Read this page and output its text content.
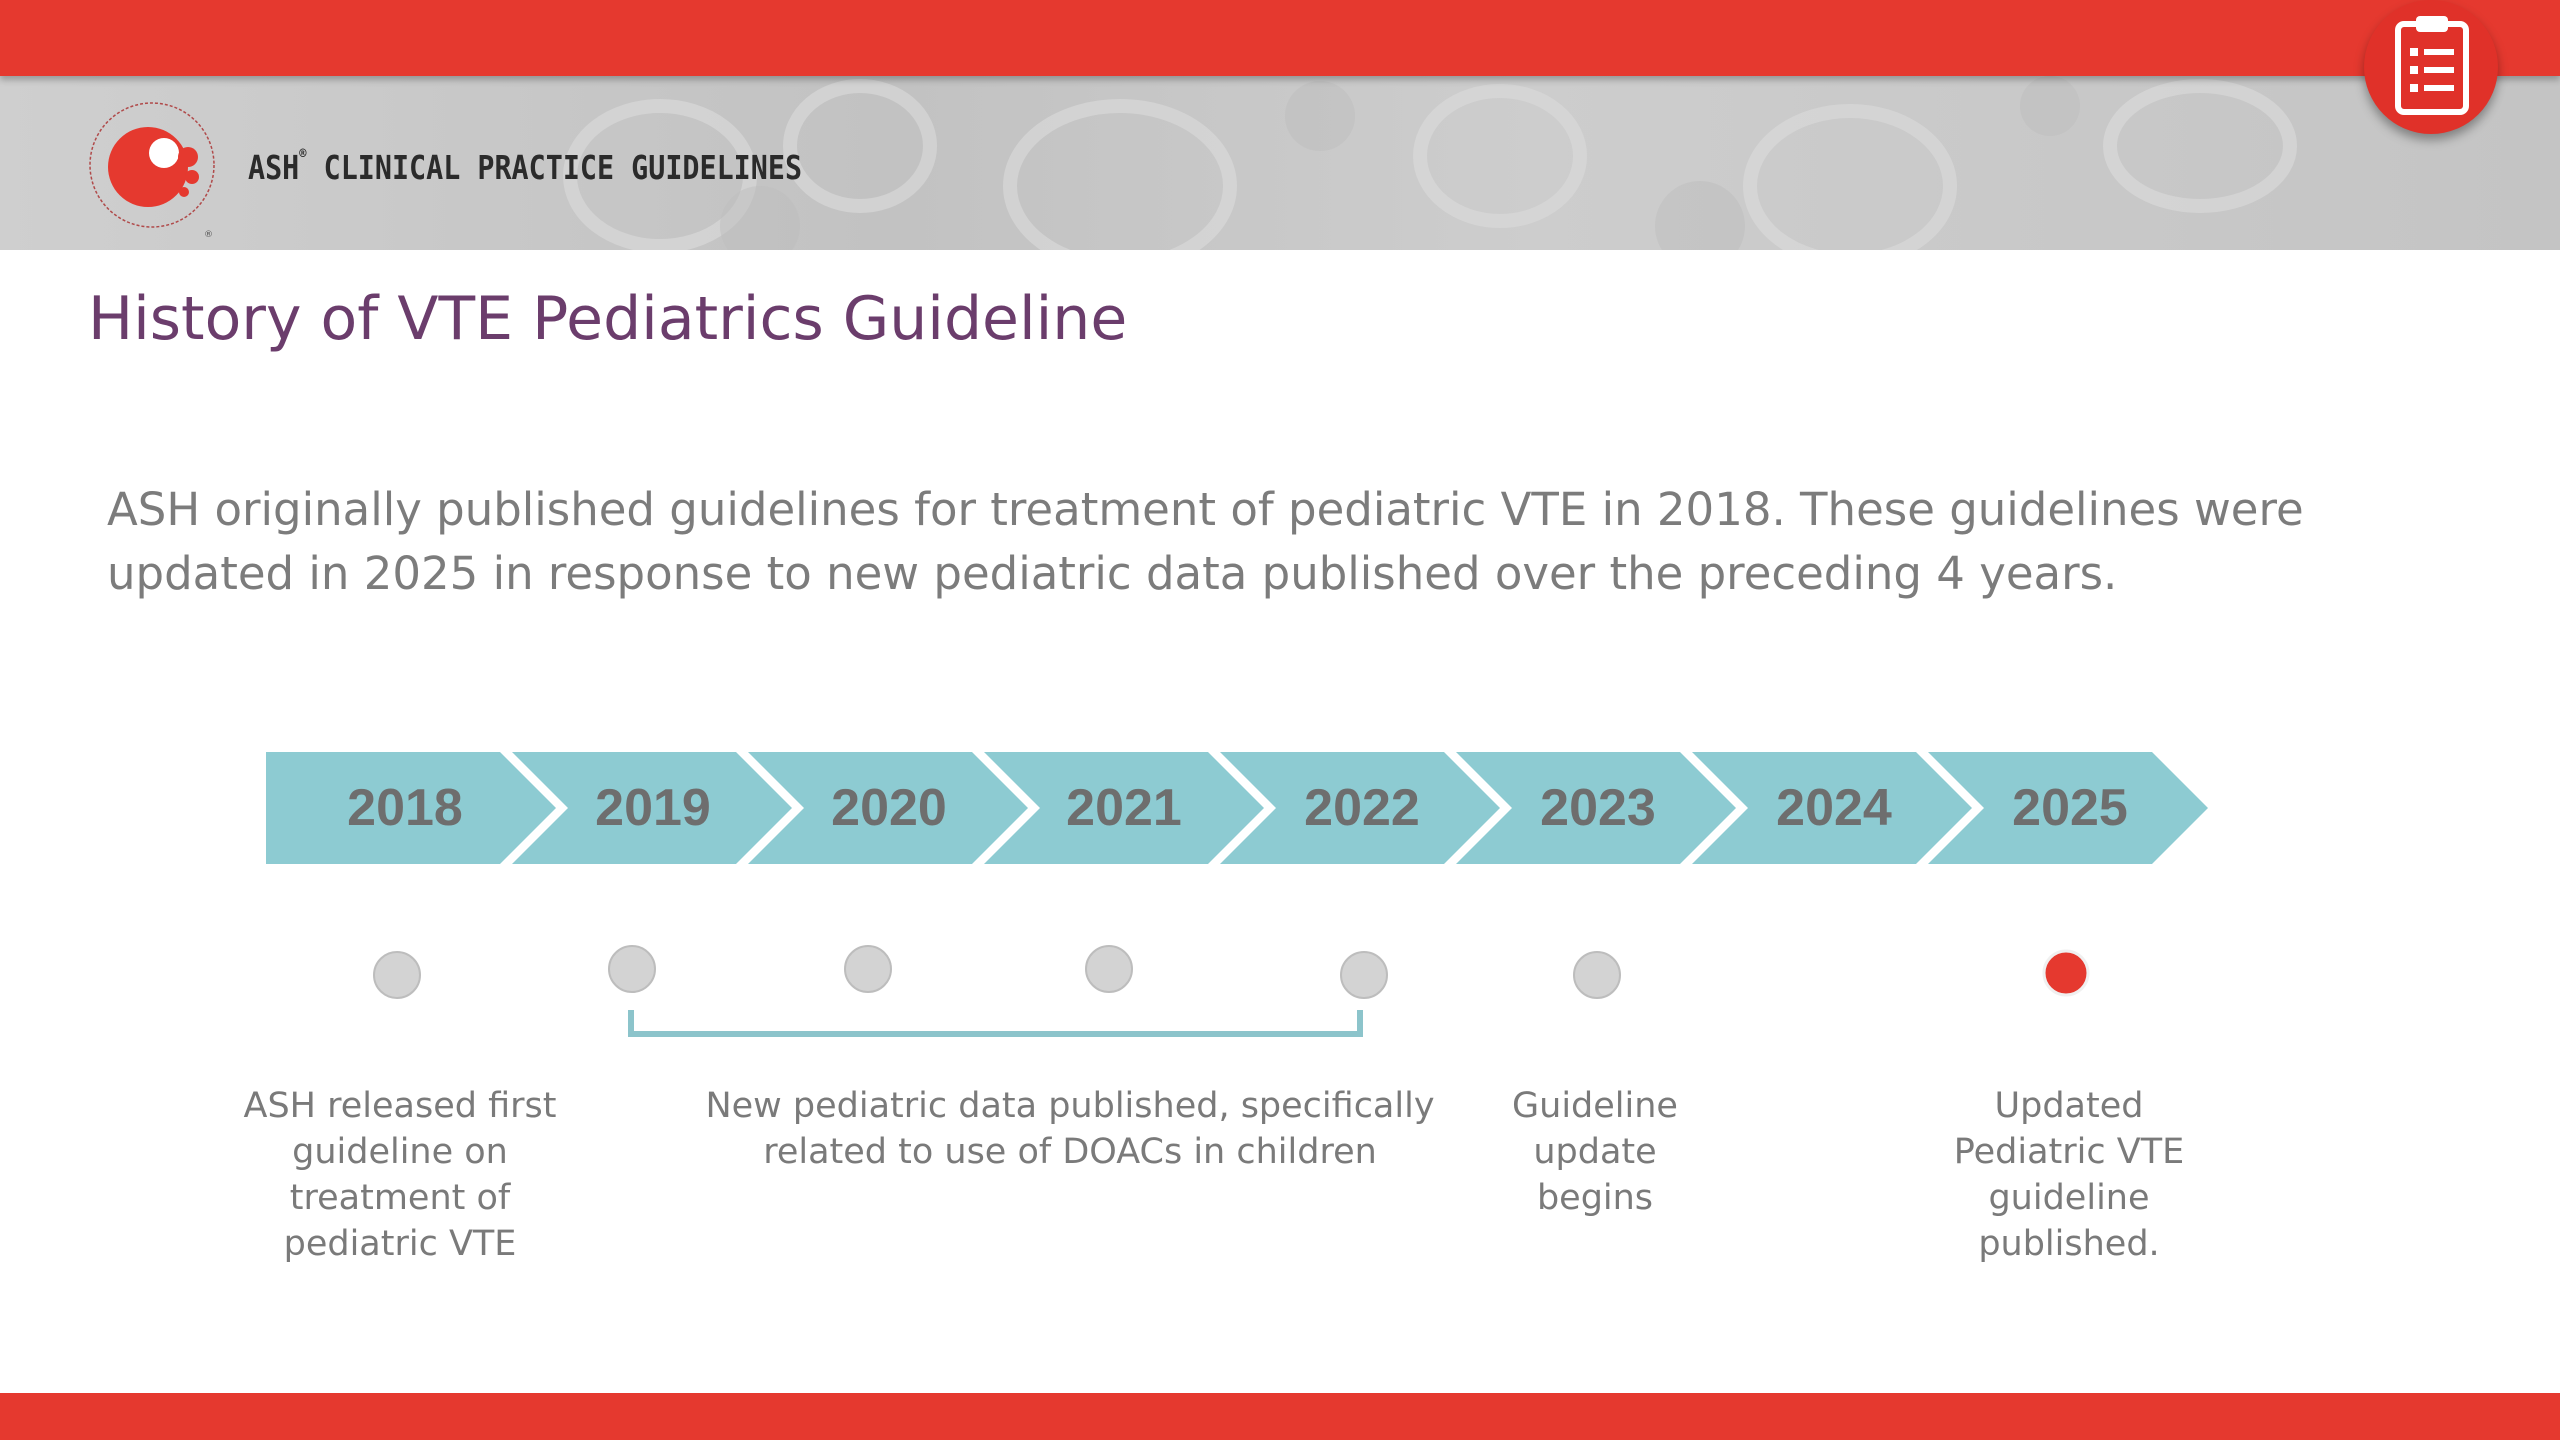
®
ASH® CLINICAL PRACTICE GUIDELINES
History of VTE Pediatrics Guideline

ASH originally published guidelines for treatment of pediatric VTE in 2018. These guidelines were updated in 2025 in response to new pediatric data published over the preceding 4 years.

2018	2019 2020 2021 2022 2023 2024 2025

ASH released first guideline on treatment of pediatric VTE

New pediatric data published, specifically related to use of DOACs in children

Guideline update begins

Updated Pediatric VTE guideline published.
